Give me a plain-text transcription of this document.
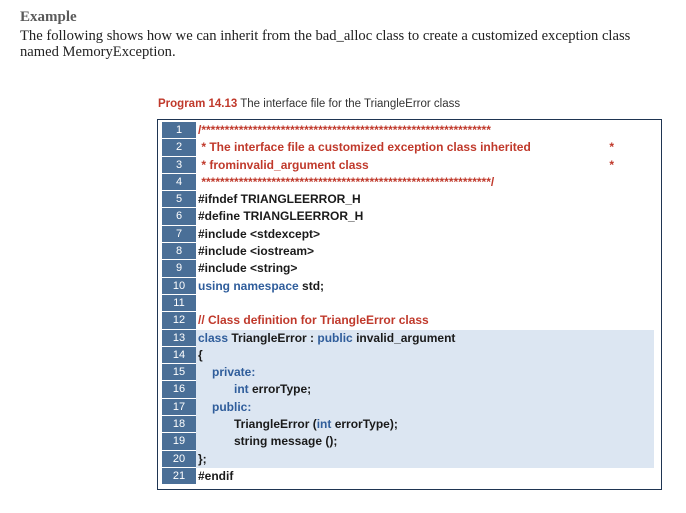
Example
The following shows how we can inherit from the bad_alloc class to create a customized exception class named MemoryException.
Program 14.13 The interface file for the TriangleError class
1	/**************************************************************
2	* The interface file a customized exception class inherited	*
3	* frominvalid_argument class	*
4	**************************************************************/
5	#ifndef TRIANGLEERROR_H
6	#define TRIANGLEERROR_H
7	#include <stdexcept>
8	#include <iostream>
9	#include <string>
10	using namespace std;
11
12	// Class definition for TriangleError class
13	class TriangleError : public invalid_argument
14	{
15	private:
16	int errorType;
17	public:
18	TriangleError (int errorType);
19	string message ();
20	};
21	#endif
